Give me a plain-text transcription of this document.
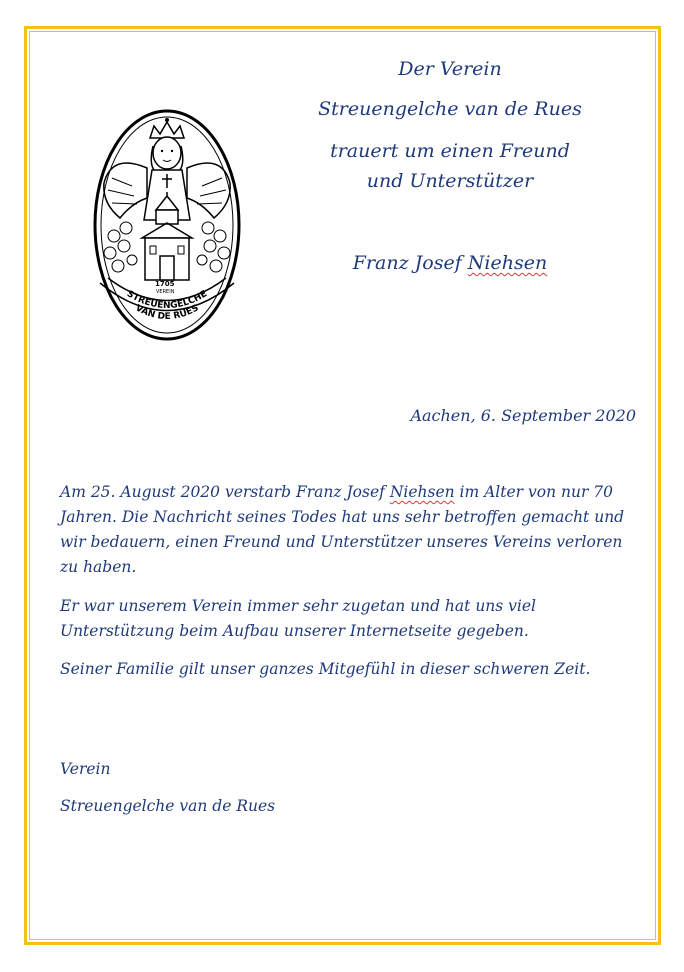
1705
VEREIN
STREUENGELCHE
VAN DE RUES
Der Verein
Streuengelche van de Rues
trauert um einen Freund
und Unterstützer
Franz Josef Niehsen
Aachen, 6. September 2020
Am 25. August 2020 verstarb Franz Josef Niehsen im Alter von nur 70 Jahren. Die Nachricht seines Todes hat uns sehr betroffen gemacht und wir bedauern, einen Freund und Unterstützer unseres Vereins verloren zu haben.
Er war unserem Verein immer sehr zugetan und hat uns viel Unterstützung beim Aufbau unserer Internetseite gegeben.
Seiner Familie gilt unser ganzes Mitgefühl in dieser schweren Zeit.
Verein
Streuengelche van de Rues
